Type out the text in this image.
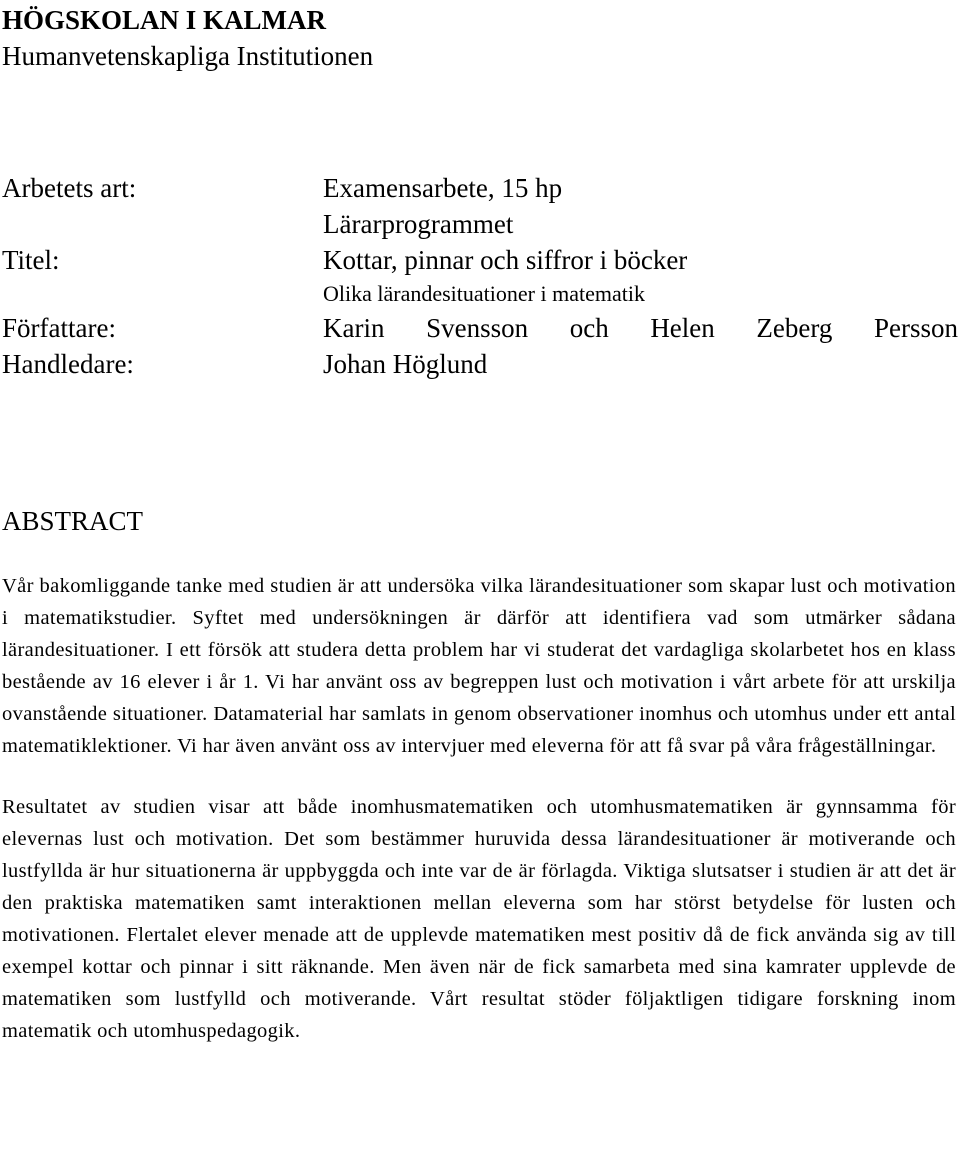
HÖGSKOLAN I KALMAR
Humanvetenskapliga Institutionen
Arbetets art:	Examensarbete, 15 hp
Lärarprogrammet
Titel:	Kottar, pinnar och siffror i böcker
Olika lärandesituationer i matematik
Författare:	Karin Svensson och Helen Zeberg Persson
Handledare:	Johan Höglund
ABSTRACT

Vår bakomliggande tanke med studien är att undersöka vilka lärandesituationer som skapar lust och motivation i matematikstudier. Syftet med undersökningen är därför att identifiera vad som utmärker sådana lärandesituationer. I ett försök att studera detta problem har vi studerat det vardagliga skolarbetet hos en klass bestående av 16 elever i år 1. Vi har använt oss av begreppen lust och motivation i vårt arbete för att urskilja ovanstående situationer. Datamaterial har samlats in genom observationer inomhus och utomhus under ett antal matematiklektioner. Vi har även använt oss av intervjuer med eleverna för att få svar på våra frågeställningar.

Resultatet av studien visar att både inomhusmatematiken och utomhusmatematiken är gynnsamma för elevernas lust och motivation. Det som bestämmer huruvida dessa lärandesituationer är motiverande och lustfyllda är hur situationerna är uppbyggda och inte var de är förlagda. Viktiga slutsatser i studien är att det är den praktiska matematiken samt interaktionen mellan eleverna som har störst betydelse för lusten och motivationen. Flertalet elever menade att de upplevde matematiken mest positiv då de fick använda sig av till exempel kottar och pinnar i sitt räknande. Men även när de fick samarbeta med sina kamrater upplevde de matematiken som lustfylld och motiverande. Vårt resultat stöder följaktligen tidigare forskning inom matematik och utomhuspedagogik.
